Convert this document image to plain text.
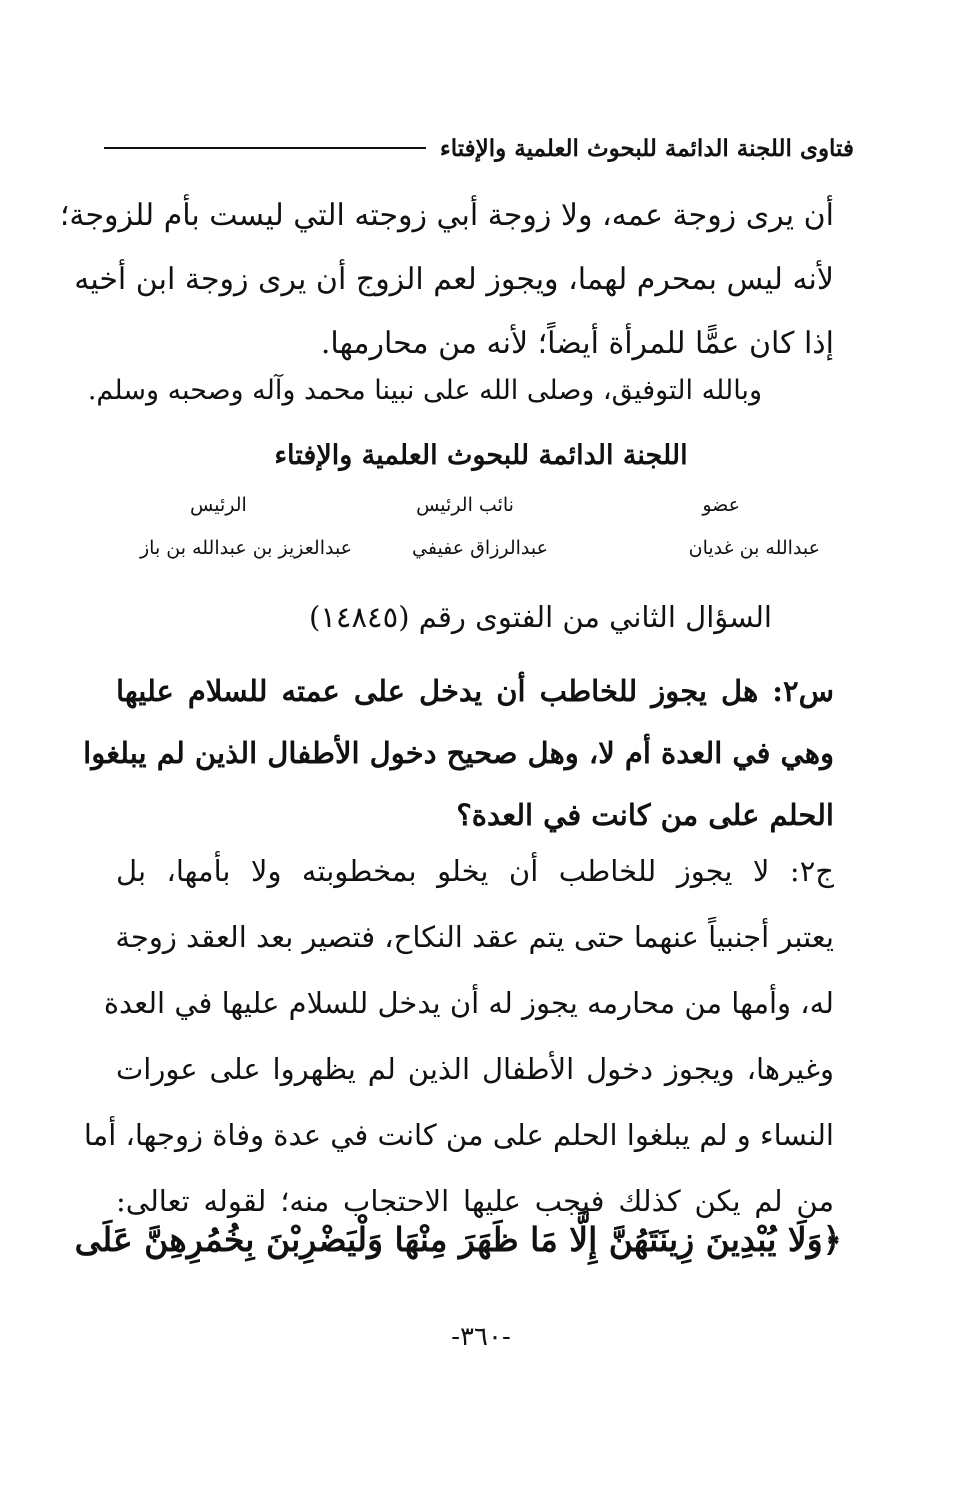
فتاوى اللجنة الدائمة للبحوث العلمية والإفتاء
أن يرى زوجة عمه، ولا زوجة أبي زوجته التي ليست بأم للزوجة؛
لأنه ليس بمحرم لهما، ويجوز لعم الزوج أن يرى زوجة ابن أخيه
إذا كان عمًّا للمرأة أيضاً؛ لأنه من محارمها.
وبالله التوفيق، وصلى الله على نبينا محمد وآله وصحبه وسلم.
اللجنة الدائمة للبحوث العلمية والإفتاء
عضو
نائب الرئيس
الرئيس
عبدالله بن غديان
عبدالرزاق عفيفي
عبدالعزيز بن عبدالله بن باز
السؤال الثاني من الفتوى رقم (١٤٨٤٥)
س٢: هل يجوز للخاطب أن يدخل على عمته للسلام عليها
وهي في العدة أم لا، وهل صحيح دخول الأطفال الذين لم يبلغوا
الحلم على من كانت في العدة؟
ج٢: لا يجوز للخاطب أن يخلو بمخطوبته ولا بأمها، بل
يعتبر أجنبياً عنهما حتى يتم عقد النكاح، فتصير بعد العقد زوجة
له، وأمها من محارمه يجوز له أن يدخل للسلام عليها في العدة
وغيرها، ويجوز دخول الأطفال الذين لم يظهروا على عورات
النساء و لم يبلغوا الحلم على من كانت في عدة وفاة زوجها، أما
من لم يكن كذلك فيجب عليها الاحتجاب منه؛ لقوله تعالى:
﴿وَلَا يُبْدِينَ زِينَتَهُنَّ إِلَّا مَا ظَهَرَ مِنْهَا وَلْيَضْرِبْنَ بِخُمُرِهِنَّ عَلَى
-٣٦٠-
